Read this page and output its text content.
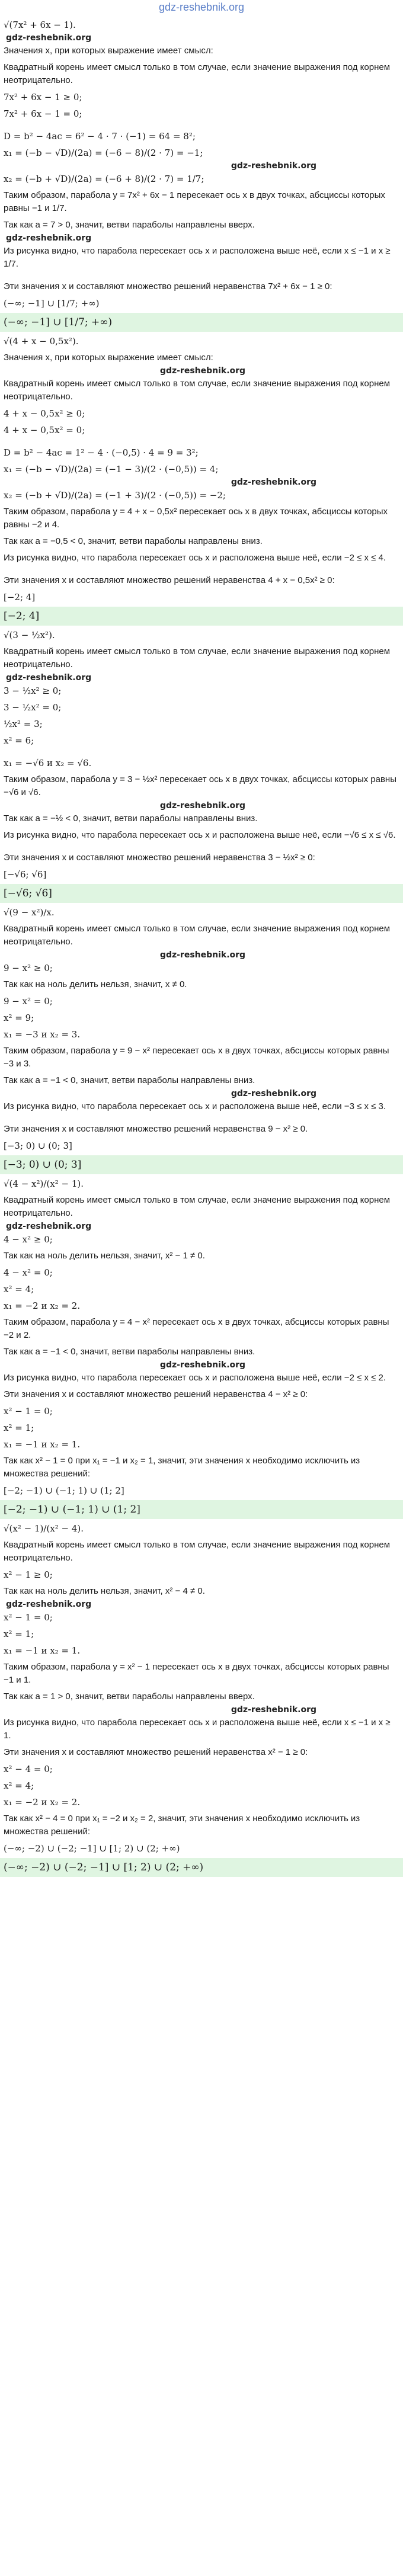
gdz-reshebnik.org

√(7x² + 6x − 1).

gdz-reshebnik.org

Значения x, при которых выражение имеет смысл:

Квадратный корень имеет смысл только в том случае, если значение выражения под корнем неотрицательно.

7x² + 6x − 1 ≥ 0;

7x² + 6x − 1 = 0;

D = b² − 4ac = 6² − 4 · 7 · (−1) = 64 = 8²;

x₁ = (−b − √D)/(2a) = (−6 − 8)/(2 · 7) = −1;

gdz-reshebnik.org

x₂ = (−b + √D)/(2a) = (−6 + 8)/(2 · 7) = 1/7;

Таким образом, парабола y = 7x² + 6x − 1 пересекает ось x в двух точках, абсциссы которых равны −1 и 1/7.

Так как a = 7 > 0, значит, ветви параболы направлены вверх.

gdz-reshebnik.org

Из рисунка видно, что парабола пересекает ось x и расположена выше неё, если x ≤ −1 и x ≥ 1/7.

Эти значения x и составляют множество решений неравенства 7x² + 6x − 1 ≥ 0:

(−∞; −1] ∪ [1/7; +∞)

(−∞; −1] ∪ [1/7; +∞)

√(4 + x − 0,5x²).

Значения x, при которых выражение имеет смысл:

gdz-reshebnik.org

Квадратный корень имеет смысл только в том случае, если значение выражения под корнем неотрицательно.

4 + x − 0,5x² ≥ 0;

4 + x − 0,5x² = 0;

D = b² − 4ac = 1² − 4 · (−0,5) · 4 = 9 = 3²;

x₁ = (−b − √D)/(2a) = (−1 − 3)/(2 · (−0,5)) = 4;

gdz-reshebnik.org

x₂ = (−b + √D)/(2a) = (−1 + 3)/(2 · (−0,5)) = −2;

Таким образом, парабола y = 4 + x − 0,5x² пересекает ось x в двух точках, абсциссы которых равны −2 и 4.

Так как a = −0,5 < 0, значит, ветви параболы направлены вниз.

Из рисунка видно, что парабола пересекает ось x и расположена выше неё, если −2 ≤ x ≤ 4.

Эти значения x и составляют множество решений неравенства 4 + x − 0,5x² ≥ 0:

[−2; 4]

[−2; 4]

√(3 − ½x²).

Квадратный корень имеет смысл только в том случае, если значение выражения под корнем неотрицательно.

gdz-reshebnik.org

3 − ½x² ≥ 0;

3 − ½x² = 0;

½x² = 3;

x² = 6;

x₁ = −√6 и x₂ = √6.

Таким образом, парабола y = 3 − ½x² пересекает ось x в двух точках, абсциссы которых равны −√6 и √6.

gdz-reshebnik.org

Так как a = −½ < 0, значит, ветви параболы направлены вниз.

Из рисунка видно, что парабола пересекает ось x и расположена выше неё, если −√6 ≤ x ≤ √6.

Эти значения x и составляют множество решений неравенства 3 − ½x² ≥ 0:

[−√6; √6]

[−√6; √6]

√(9 − x²)/x.

Квадратный корень имеет смысл только в том случае, если значение выражения под корнем неотрицательно.

gdz-reshebnik.org

9 − x² ≥ 0;

Так как на ноль делить нельзя, значит, x ≠ 0.

9 − x² = 0;

x² = 9;

x₁ = −3 и x₂ = 3.

Таким образом, парабола y = 9 − x² пересекает ось x в двух точках, абсциссы которых равны −3 и 3.

Так как a = −1 < 0, значит, ветви параболы направлены вниз.

gdz-reshebnik.org

Из рисунка видно, что парабола пересекает ось x и расположена выше неё, если −3 ≤ x ≤ 3.

Эти значения x и составляют множество решений неравенства 9 − x² ≥ 0.

[−3; 0) ∪ (0; 3]

[−3; 0) ∪ (0; 3]

√(4 − x²)/(x² − 1).

Квадратный корень имеет смысл только в том случае, если значение выражения под корнем неотрицательно.

gdz-reshebnik.org

4 − x² ≥ 0;

Так как на ноль делить нельзя, значит, x² − 1 ≠ 0.

4 − x² = 0;

x² = 4;

x₁ = −2 и x₂ = 2.

Таким образом, парабола y = 4 − x² пересекает ось x в двух точках, абсциссы которых равны −2 и 2.

Так как a = −1 < 0, значит, ветви параболы направлены вниз.

gdz-reshebnik.org

Из рисунка видно, что парабола пересекает ось x и расположена выше неё, если −2 ≤ x ≤ 2.

Эти значения x и составляют множество решений неравенства 4 − x² ≥ 0:

x² − 1 = 0;

x² = 1;

x₁ = −1 и x₂ = 1.

Так как x² − 1 = 0 при x₁ = −1 и x₂ = 1, значит, эти значения x необходимо исключить из множества решений:

[−2; −1) ∪ (−1; 1) ∪ (1; 2]

[−2; −1) ∪ (−1; 1) ∪ (1; 2]

√(x² − 1)/(x² − 4).

Квадратный корень имеет смысл только в том случае, если значение выражения под корнем неотрицательно.

x² − 1 ≥ 0;

Так как на ноль делить нельзя, значит, x² − 4 ≠ 0.

gdz-reshebnik.org

x² − 1 = 0;

x² = 1;

x₁ = −1 и x₂ = 1.

Таким образом, парабола y = x² − 1 пересекает ось x в двух точках, абсциссы которых равны −1 и 1.

Так как a = 1 > 0, значит, ветви параболы направлены вверх.

gdz-reshebnik.org

Из рисунка видно, что парабола пересекает ось x и расположена выше неё, если x ≤ −1 и x ≥ 1.

Эти значения x и составляют множество решений неравенства x² − 1 ≥ 0:

x² − 4 = 0;

x² = 4;

x₁ = −2 и x₂ = 2.

Так как x² − 4 = 0 при x₁ = −2 и x₂ = 2, значит, эти значения x необходимо исключить из множества решений:

(−∞; −2) ∪ (−2; −1] ∪ [1; 2) ∪ (2; +∞)

(−∞; −2) ∪ (−2; −1] ∪ [1; 2) ∪ (2; +∞)
